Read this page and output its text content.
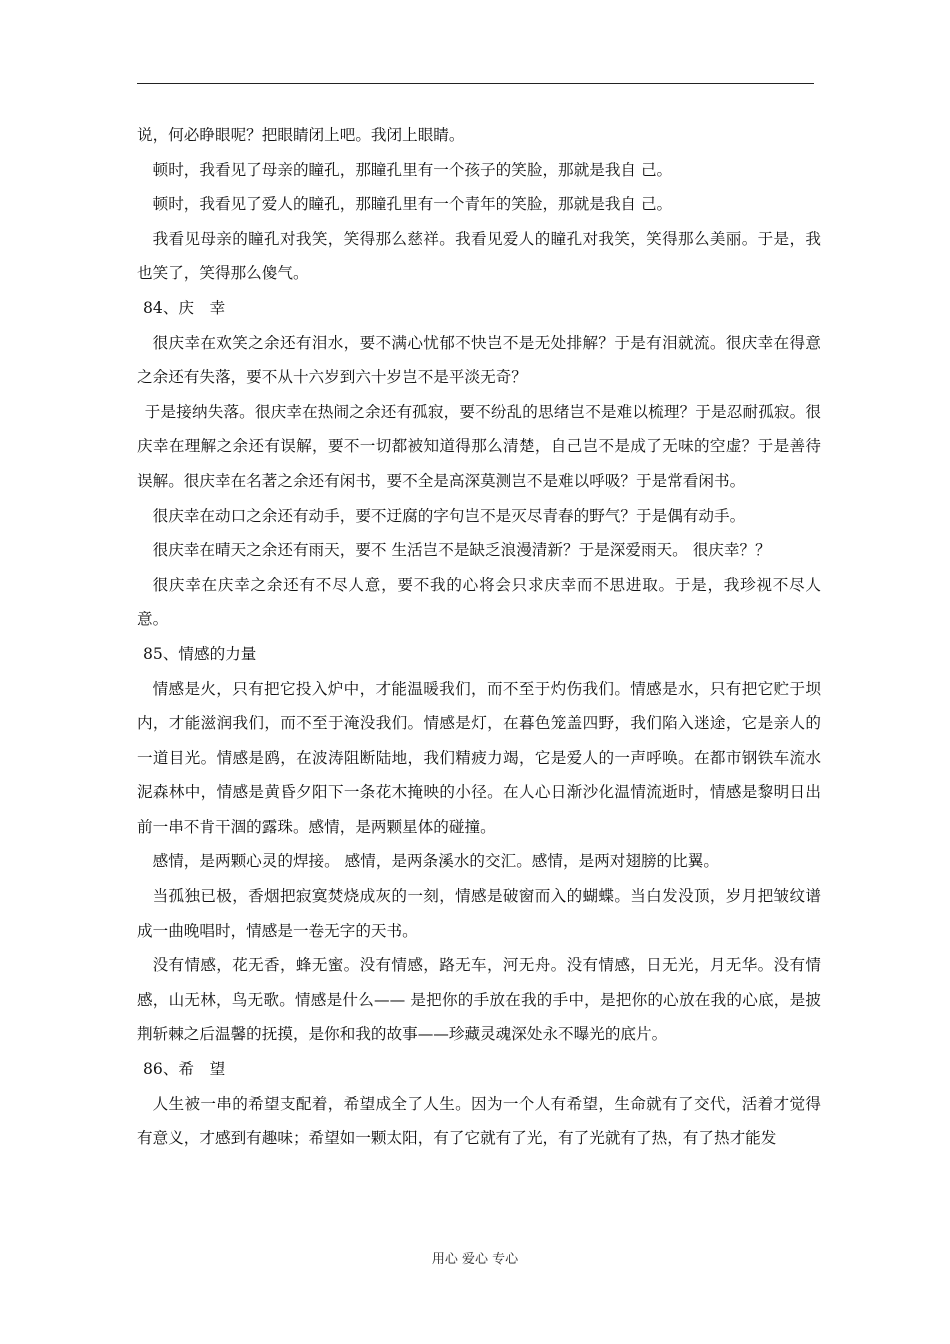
说，何必睁眼呢？把眼睛闭上吧。我闭上眼睛。

顿时，我看见了母亲的瞳孔，那瞳孔里有一个孩子的笑脸，那就是我自 己。

顿时，我看见了爱人的瞳孔，那瞳孔里有一个青年的笑脸，那就是我自 己。

我看见母亲的瞳孔对我笑，笑得那么慈祥。我看见爱人的瞳孔对我笑，笑得那么美丽。于是，我也笑了，笑得那么傻气。

84、庆　幸

很庆幸在欢笑之余还有泪水，要不满心忧郁不快岂不是无处排解？于是有泪就流。很庆幸在得意之余还有失落，要不从十六岁到六十岁岂不是平淡无奇？

于是接纳失落。很庆幸在热闹之余还有孤寂，要不纷乱的思绪岂不是难以梳理？于是忍耐孤寂。很庆幸在理解之余还有误解，要不一切都被知道得那么清楚，自己岂不是成了无味的空虚？于是善待误解。很庆幸在名著之余还有闲书，要不全是高深莫测岂不是难以呼吸？于是常看闲书。

很庆幸在动口之余还有动手，要不迂腐的字句岂不是灭尽青春的野气？于是偶有动手。

很庆幸在晴天之余还有雨天，要不 生活岂不是缺乏浪漫清新？于是深爱雨天。 很庆幸？？

很庆幸在庆幸之余还有不尽人意，要不我的心将会只求庆幸而不思进取。于是，我珍视不尽人意。

85、情感的力量

情感是火，只有把它投入炉中，才能温暖我们，而不至于灼伤我们。情感是水，只有把它贮于坝内，才能滋润我们，而不至于淹没我们。情感是灯，在暮色笼盖四野，我们陷入迷途，它是亲人的一道目光。情感是鸥，在波涛阻断陆地，我们精疲力竭，它是爱人的一声呼唤。在都市钢铁车流水泥森林中，情感是黄昏夕阳下一条花木掩映的小径。在人心日渐沙化温情流逝时，情感是黎明日出前一串不肯干涸的露珠。感情，是两颗星体的碰撞。

感情，是两颗心灵的焊接。 感情，是两条溪水的交汇。感情，是两对翅膀的比翼。

当孤独已极，香烟把寂寞焚烧成灰的一刻，情感是破窗而入的蝴蝶。当白发没顶，岁月把皱纹谱成一曲晚唱时，情感是一卷无字的天书。

没有情感，花无香，蜂无蜜。没有情感，路无车，河无舟。没有情感，日无光，月无华。没有情感，山无林，鸟无歌。情感是什么—— 是把你的手放在我的手中，是把你的心放在我的心底，是披荆斩棘之后温馨的抚摸，是你和我的故事——珍藏灵魂深处永不曝光的底片。

86、希　望

人生被一串的希望支配着，希望成全了人生。因为一个人有希望，生命就有了交代，活着才觉得有意义，才感到有趣味；希望如一颗太阳，有了它就有了光，有了光就有了热，有了热才能发

用心 爱心 专心
